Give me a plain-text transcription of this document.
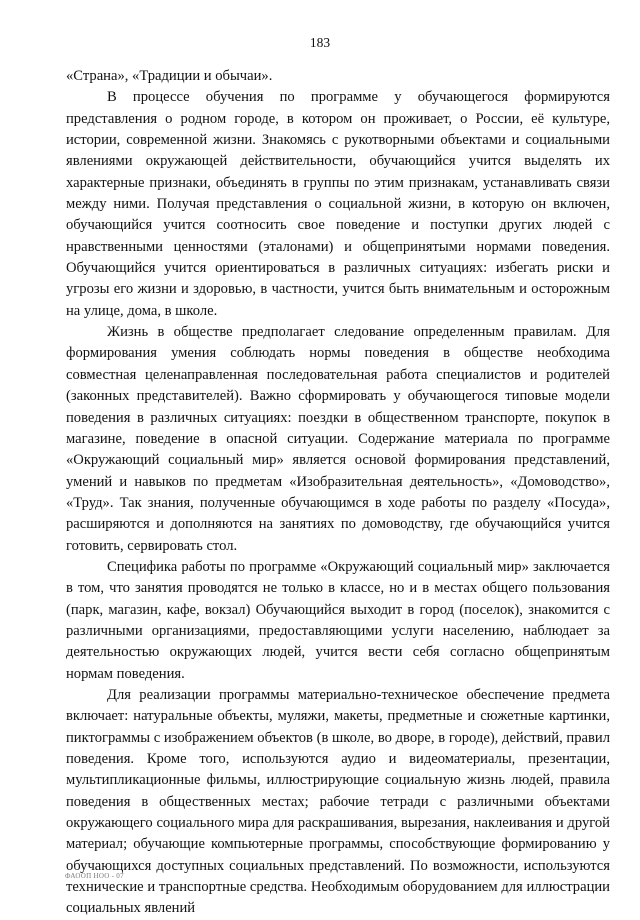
183

«Страна», «Традиции и обычаи».

В процессе обучения по программе у обучающегося формируются представления о родном городе, в котором он проживает, о России, её культуре, истории, современной жизни. Знакомясь с рукотворными объектами и социальными явлениями окружающей действительности, обучающийся учится выделять их характерные признаки, объединять в группы по этим признакам, устанавливать связи между ними. Получая представления о социальной жизни, в которую он включен, обучающийся учится соотносить свое поведение и поступки других людей с нравственными ценностями (эталонами) и общепринятыми нормами поведения. Обучающийся учится ориентироваться в различных ситуациях: избегать риски и угрозы его жизни и здоровью, в частности, учится быть внимательным и осторожным на улице, дома, в школе.

Жизнь в обществе предполагает следование определенным правилам. Для формирования умения соблюдать нормы поведения в обществе необходима совместная целенаправленная последовательная работа специалистов и родителей (законных представителей). Важно сформировать у обучающегося типовые модели поведения в различных ситуациях: поездки в общественном транспорте, покупок в магазине, поведение в опасной ситуации. Содержание материала по программе «Окружающий социальный мир» является основой формирования представлений, умений и навыков по предметам «Изобразительная деятельность», «Домоводство», «Труд». Так знания, полученные обучающимся в ходе работы по разделу «Посуда», расширяются и дополняются на занятиях по домоводству, где обучающийся учится готовить, сервировать стол.

Специфика работы по программе «Окружающий социальный мир» заключается в том, что занятия проводятся не только в классе, но и в местах общего пользования (парк, магазин, кафе, вокзал) Обучающийся выходит в город (поселок), знакомится с различными организациями, предоставляющими услуги населению, наблюдает за деятельностью окружающих людей, учится вести себя согласно общепринятым нормам поведения.

Для реализации программы материально-техническое обеспечение предмета включает: натуральные объекты, муляжи, макеты, предметные и сюжетные картинки, пиктограммы с изображением объектов (в школе, во дворе, в городе), действий, правил поведения. Кроме того, используются аудио и видеоматериалы, презентации, мультипликационные фильмы, иллюстрирующие социальную жизнь людей, правила поведения в общественных местах; рабочие тетради с различными объектами окружающего социального мира для раскрашивания, вырезания, наклеивания и другой материал; обучающие компьютерные программы, способствующие формированию у обучающихся доступных социальных представлений. По возможности, используются технические и транспортные средства. Необходимым оборудованием для иллюстрации социальных явлений

ФАООП НОО - 07
